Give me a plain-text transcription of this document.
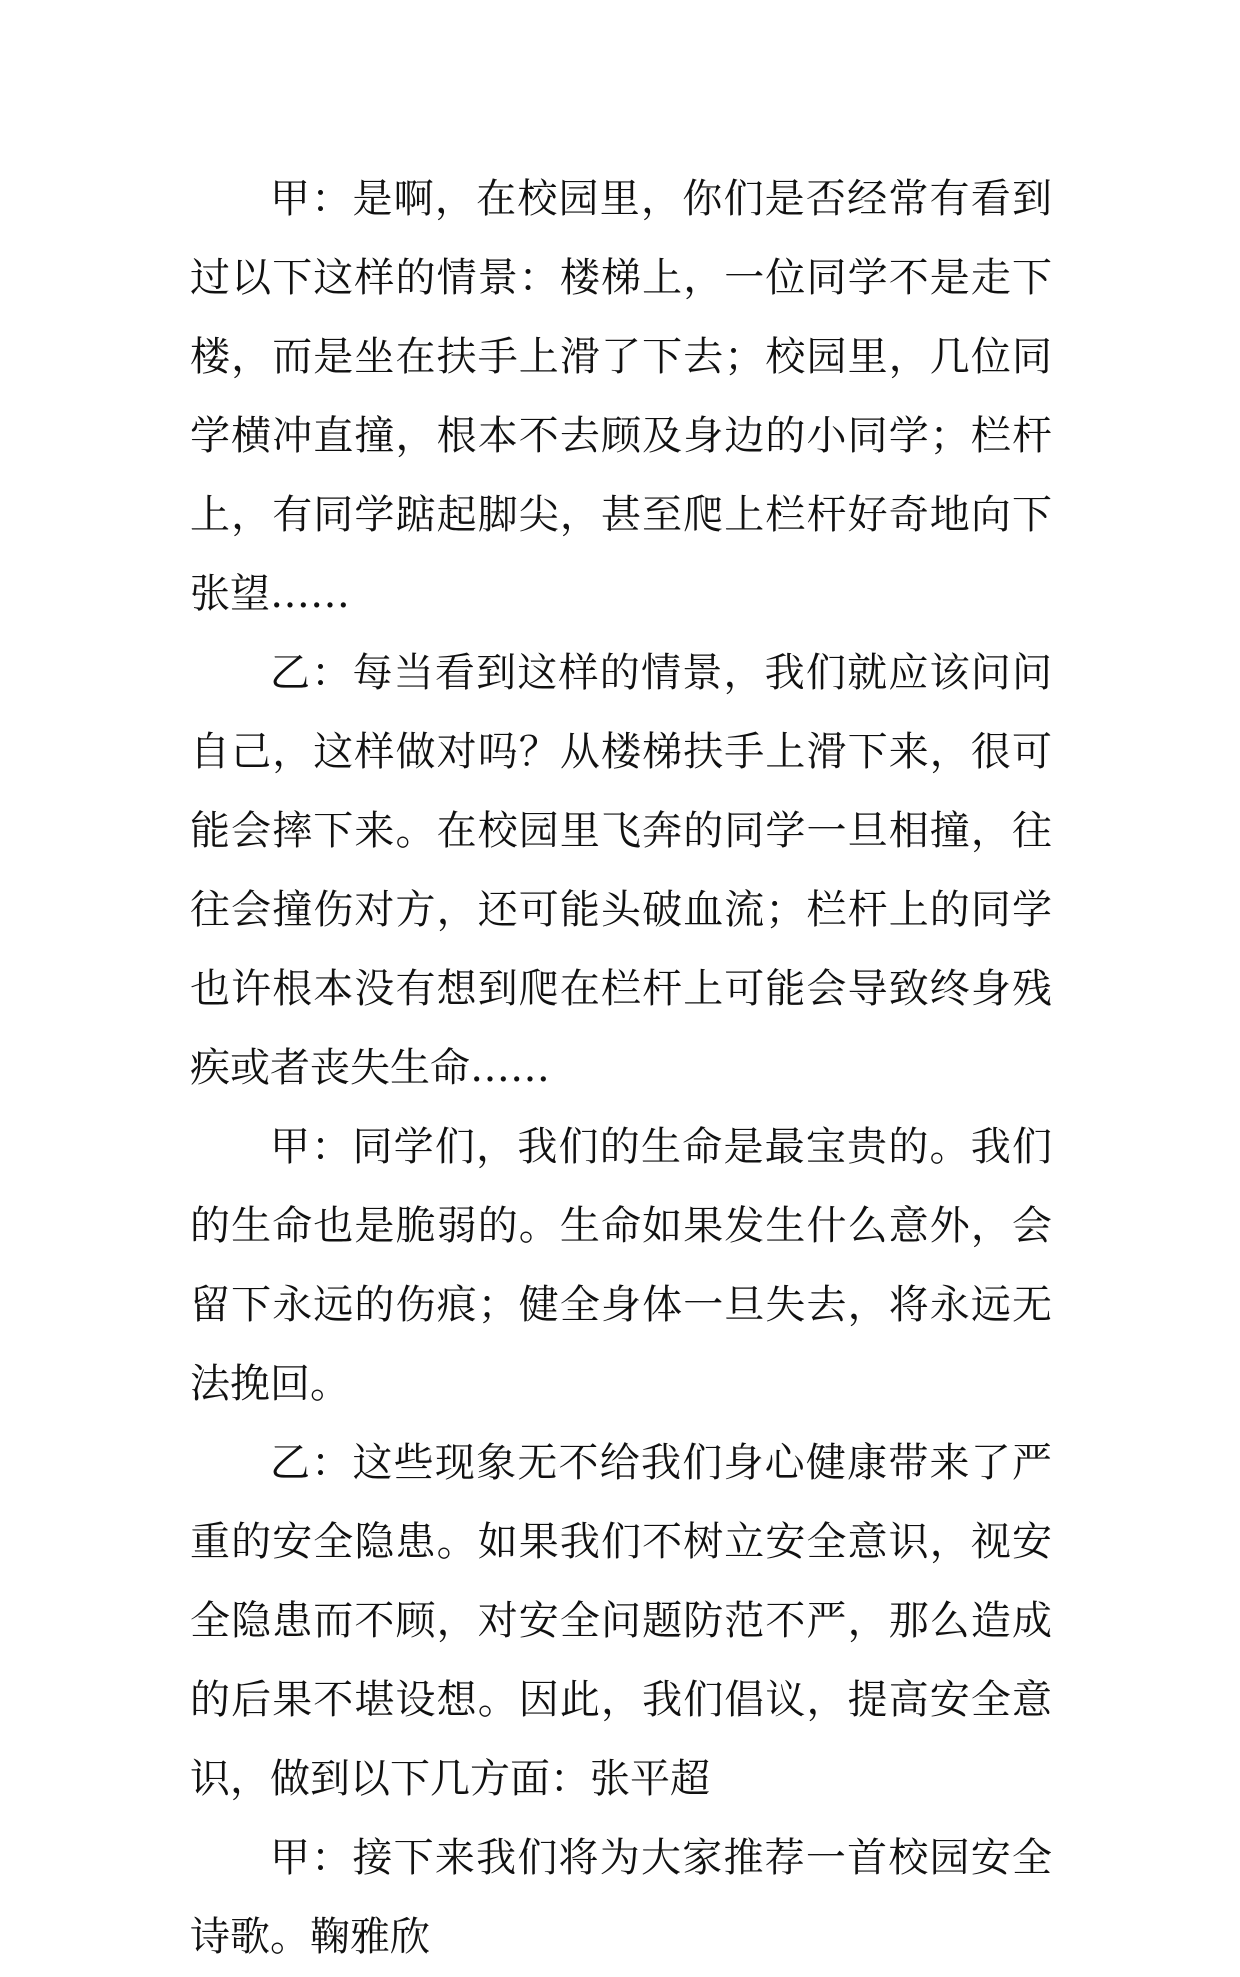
甲：是啊，在校园里，你们是否经常有看到过以下这样的情景：楼梯上，一位同学不是走下楼，而是坐在扶手上滑了下去；校园里，几位同学横冲直撞，根本不去顾及身边的小同学；栏杆上，有同学踮起脚尖，甚至爬上栏杆好奇地向下张望……

乙：每当看到这样的情景，我们就应该问问自己，这样做对吗？从楼梯扶手上滑下来，很可能会摔下来。在校园里飞奔的同学一旦相撞，往往会撞伤对方，还可能头破血流；栏杆上的同学也许根本没有想到爬在栏杆上可能会导致终身残疾或者丧失生命……

甲：同学们，我们的生命是最宝贵的。我们的生命也是脆弱的。生命如果发生什么意外，会留下永远的伤痕；健全身体一旦失去，将永远无法挽回。

乙：这些现象无不给我们身心健康带来了严重的安全隐患。如果我们不树立安全意识，视安全隐患而不顾，对安全问题防范不严，那么造成的后果不堪设想。因此，我们倡议，提高安全意识，做到以下几方面：张平超

甲：接下来我们将为大家推荐一首校园安全诗歌。鞠雅欣
